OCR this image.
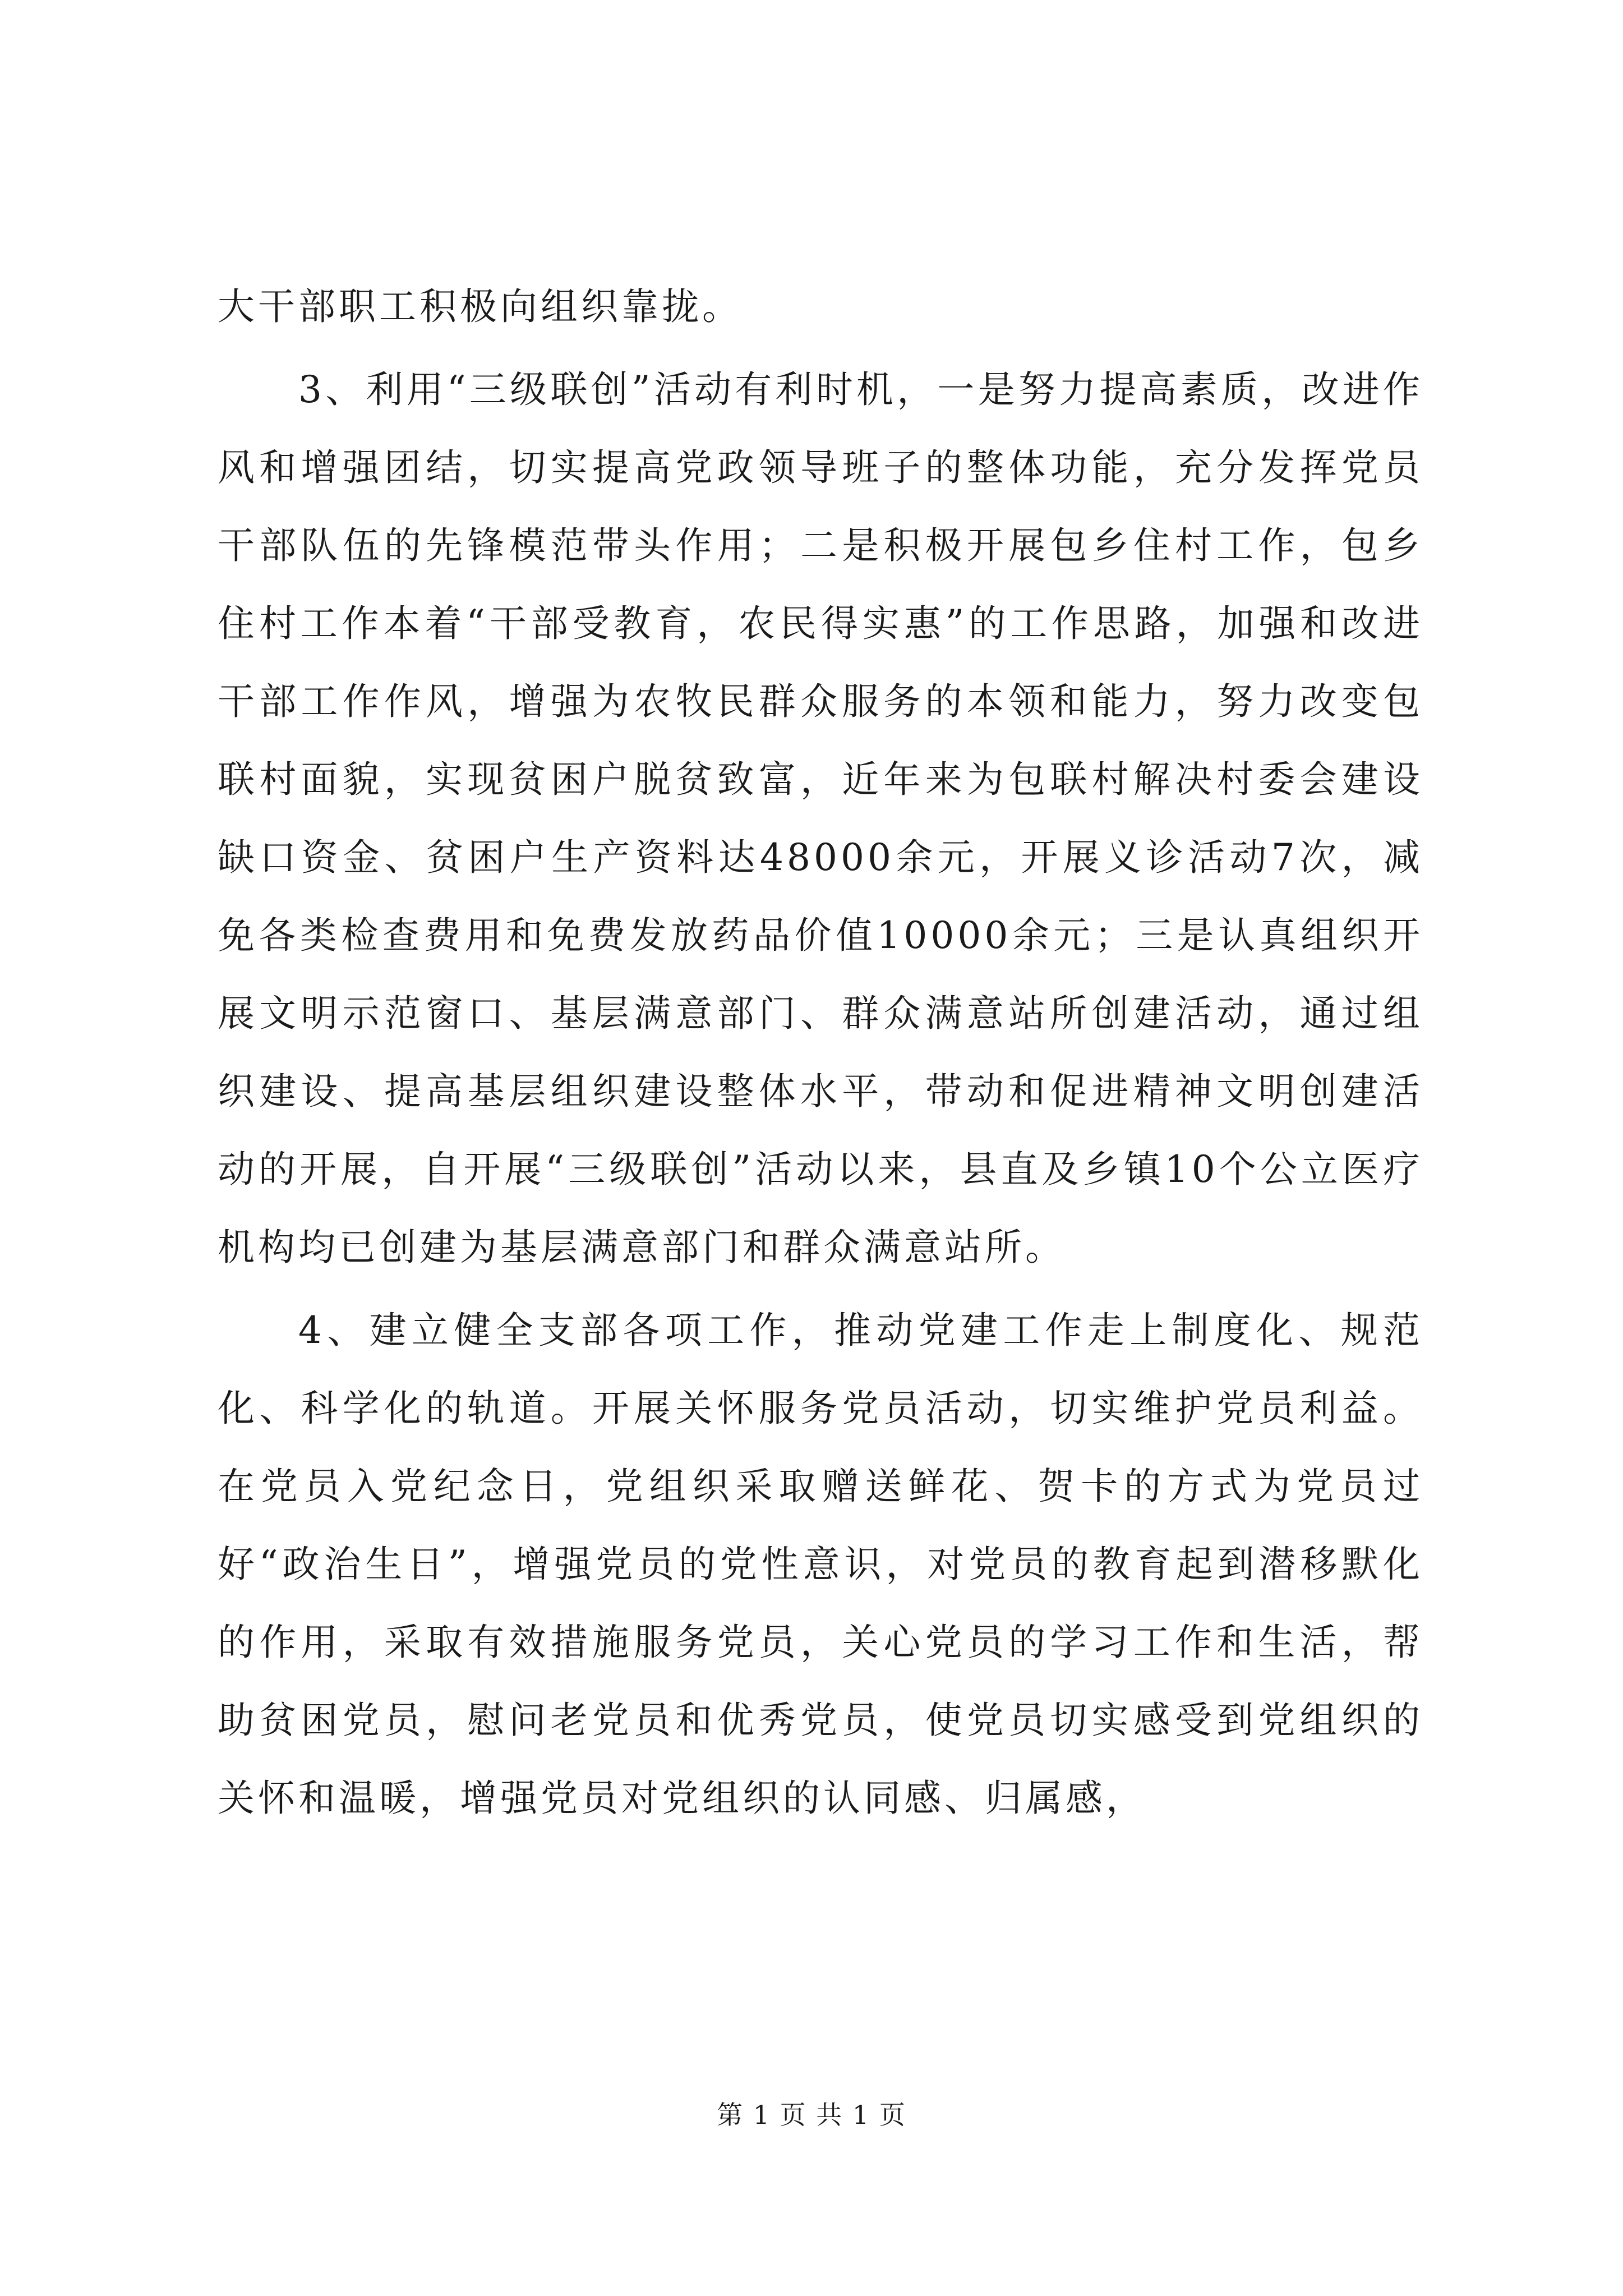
大干部职工积极向组织靠拢。

3、利用“三级联创”活动有利时机，一是努力提高素质，改进作风和增强团结，切实提高党政领导班子的整体功能，充分发挥党员干部队伍的先锋模范带头作用；二是积极开展包乡住村工作，包乡住村工作本着“干部受教育，农民得实惠”的工作思路，加强和改进干部工作作风，增强为农牧民群众服务的本领和能力，努力改变包联村面貌，实现贫困户脱贫致富，近年来为包联村解决村委会建设缺口资金、贫困户生产资料达48000余元，开展义诊活动7次，减免各类检查费用和免费发放药品价值10000余元；三是认真组织开展文明示范窗口、基层满意部门、群众满意站所创建活动，通过组织建设、提高基层组织建设整体水平，带动和促进精神文明创建活动的开展，自开展“三级联创”活动以来，县直及乡镇10个公立医疗机构均已创建为基层满意部门和群众满意站所。

4、建立健全支部各项工作，推动党建工作走上制度化、规范化、科学化的轨道。开展关怀服务党员活动，切实维护党员利益。在党员入党纪念日，党组织采取赠送鲜花、贺卡的方式为党员过好“政治生日”，增强党员的党性意识，对党员的教育起到潜移默化的作用，采取有效措施服务党员，关心党员的学习工作和生活，帮助贫困党员，慰问老党员和优秀党员，使党员切实感受到党组织的关怀和温暖，增强党员对党组织的认同感、归属感，

第 1 页 共 1 页
